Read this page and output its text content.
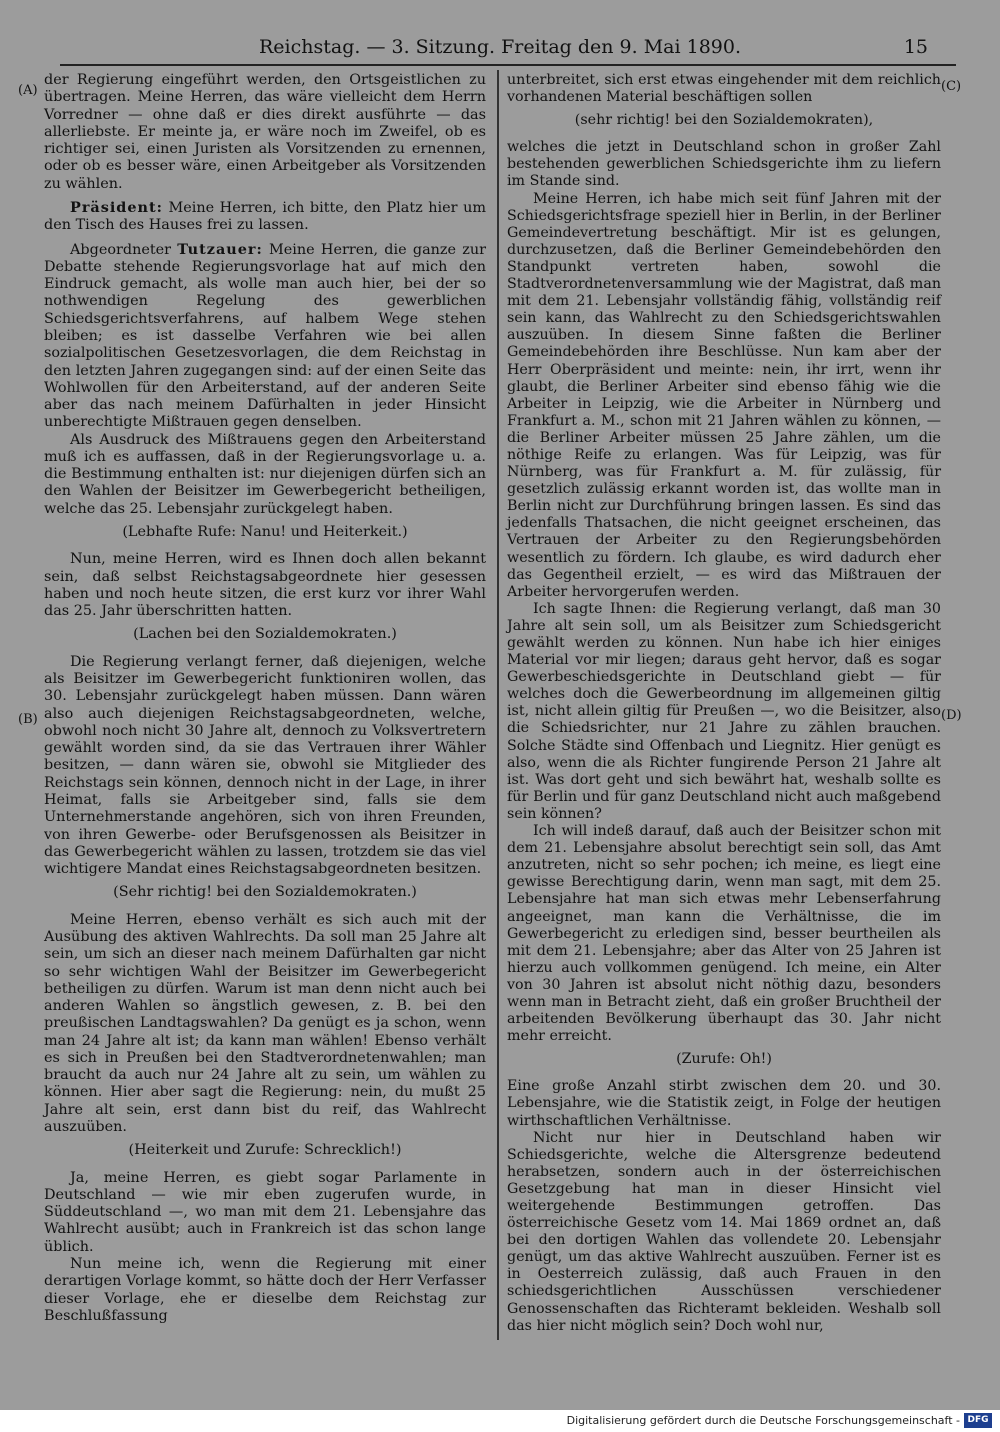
Reichstag. — 3. Sitzung. Freitag den 9. Mai 1890.	15
(A)
(B)
(C)
(D)

der Regierung eingeführt werden, den Ortsgeistlichen zu übertragen. Meine Herren, das wäre vielleicht dem Herrn Vorredner — ohne daß er dies direkt ausführte — das allerliebste. Er meinte ja, er wäre noch im Zweifel, ob es richtiger sei, einen Juristen als Vorsitzenden zu ernennen, oder ob es besser wäre, einen Arbeitgeber als Vorsitzenden zu wählen.

Präsident: Meine Herren, ich bitte, den Platz hier um den Tisch des Hauses frei zu lassen.

Abgeordneter Tutzauer: Meine Herren, die ganze zur Debatte stehende Regierungsvorlage hat auf mich den Eindruck gemacht, als wolle man auch hier, bei der so nothwendigen Regelung des gewerblichen Schiedsgerichtsverfahrens, auf halbem Wege stehen bleiben; es ist dasselbe Verfahren wie bei allen sozialpolitischen Gesetzesvorlagen, die dem Reichstag in den letzten Jahren zugegangen sind: auf der einen Seite das Wohlwollen für den Arbeiterstand, auf der anderen Seite aber das nach meinem Dafürhalten in jeder Hinsicht unberechtigte Mißtrauen gegen denselben.

Als Ausdruck des Mißtrauens gegen den Arbeiterstand muß ich es auffassen, daß in der Regierungsvorlage u. a. die Bestimmung enthalten ist: nur diejenigen dürfen sich an den Wahlen der Beisitzer im Gewerbegericht betheiligen, welche das 25. Lebensjahr zurückgelegt haben.

(Lebhafte Rufe: Nanu! und Heiterkeit.)

Nun, meine Herren, wird es Ihnen doch allen bekannt sein, daß selbst Reichstagsabgeordnete hier gesessen haben und noch heute sitzen, die erst kurz vor ihrer Wahl das 25. Jahr überschritten hatten.

(Lachen bei den Sozialdemokraten.)

Die Regierung verlangt ferner, daß diejenigen, welche als Beisitzer im Gewerbegericht funktioniren wollen, das 30. Lebensjahr zurückgelegt haben müssen. Dann wären also auch diejenigen Reichstagsabgeordneten, welche, obwohl noch nicht 30 Jahre alt, dennoch zu Volksvertretern gewählt worden sind, da sie das Vertrauen ihrer Wähler besitzen, — dann wären sie, obwohl sie Mitglieder des Reichstags sein können, dennoch nicht in der Lage, in ihrer Heimat, falls sie Arbeitgeber sind, falls sie dem Unternehmerstande angehören, sich von ihren Freunden, von ihren Gewerbe- oder Berufsgenossen als Beisitzer in das Gewerbegericht wählen zu lassen, trotzdem sie das viel wichtigere Mandat eines Reichstagsabgeordneten besitzen.

(Sehr richtig! bei den Sozialdemokraten.)

Meine Herren, ebenso verhält es sich auch mit der Ausübung des aktiven Wahlrechts. Da soll man 25 Jahre alt sein, um sich an dieser nach meinem Dafürhalten gar nicht so sehr wichtigen Wahl der Beisitzer im Gewerbegericht betheiligen zu dürfen. Warum ist man denn nicht auch bei anderen Wahlen so ängstlich gewesen, z. B. bei den preußischen Landtagswahlen? Da genügt es ja schon, wenn man 24 Jahre alt ist; da kann man wählen! Ebenso verhält es sich in Preußen bei den Stadtverordnetenwahlen; man braucht da auch nur 24 Jahre alt zu sein, um wählen zu können. Hier aber sagt die Regierung: nein, du mußt 25 Jahre alt sein, erst dann bist du reif, das Wahlrecht auszuüben.

(Heiterkeit und Zurufe: Schrecklich!)

Ja, meine Herren, es giebt sogar Parlamente in Deutschland — wie mir eben zugerufen wurde, in Süddeutschland —, wo man mit dem 21. Lebensjahre das Wahlrecht ausübt; auch in Frankreich ist das schon lange üblich.

Nun meine ich, wenn die Regierung mit einer derartigen Vorlage kommt, so hätte doch der Herr Verfasser dieser Vorlage, ehe er dieselbe dem Reichstag zur Beschlußfassung

unterbreitet, sich erst etwas eingehender mit dem reichlich vorhandenen Material beschäftigen sollen

(sehr richtig! bei den Sozialdemokraten),

welches die jetzt in Deutschland schon in großer Zahl bestehenden gewerblichen Schiedsgerichte ihm zu liefern im Stande sind.

Meine Herren, ich habe mich seit fünf Jahren mit der Schiedsgerichtsfrage speziell hier in Berlin, in der Berliner Gemeindevertretung beschäftigt. Mir ist es gelungen, durchzusetzen, daß die Berliner Gemeindebehörden den Standpunkt vertreten haben, sowohl die Stadtverordnetenversammlung wie der Magistrat, daß man mit dem 21. Lebensjahr vollständig fähig, vollständig reif sein kann, das Wahlrecht zu den Schiedsgerichtswahlen auszuüben. In diesem Sinne faßten die Berliner Gemeindebehörden ihre Beschlüsse. Nun kam aber der Herr Oberpräsident und meinte: nein, ihr irrt, wenn ihr glaubt, die Berliner Arbeiter sind ebenso fähig wie die Arbeiter in Leipzig, wie die Arbeiter in Nürnberg und Frankfurt a. M., schon mit 21 Jahren wählen zu können, — die Berliner Arbeiter müssen 25 Jahre zählen, um die nöthige Reife zu erlangen. Was für Leipzig, was für Nürnberg, was für Frankfurt a. M. für zulässig, für gesetzlich zulässig erkannt worden ist, das wollte man in Berlin nicht zur Durchführung bringen lassen. Es sind das jedenfalls Thatsachen, die nicht geeignet erscheinen, das Vertrauen der Arbeiter zu den Regierungsbehörden wesentlich zu fördern. Ich glaube, es wird dadurch eher das Gegentheil erzielt, — es wird das Mißtrauen der Arbeiter hervorgerufen werden.

Ich sagte Ihnen: die Regierung verlangt, daß man 30 Jahre alt sein soll, um als Beisitzer zum Schiedsgericht gewählt werden zu können. Nun habe ich hier einiges Material vor mir liegen; daraus geht hervor, daß es sogar Gewerbeschiedsgerichte in Deutschland giebt — für welches doch die Gewerbeordnung im allgemeinen giltig ist, nicht allein giltig für Preußen —, wo die Beisitzer, also die Schiedsrichter, nur 21 Jahre zu zählen brauchen. Solche Städte sind Offenbach und Liegnitz. Hier genügt es also, wenn die als Richter fungirende Person 21 Jahre alt ist. Was dort geht und sich bewährt hat, weshalb sollte es für Berlin und für ganz Deutschland nicht auch maßgebend sein können?

Ich will indeß darauf, daß auch der Beisitzer schon mit dem 21. Lebensjahre absolut berechtigt sein soll, das Amt anzutreten, nicht so sehr pochen; ich meine, es liegt eine gewisse Berechtigung darin, wenn man sagt, mit dem 25. Lebensjahre hat man sich etwas mehr Lebenserfahrung angeeignet, man kann die Verhältnisse, die im Gewerbegericht zu erledigen sind, besser beurtheilen als mit dem 21. Lebensjahre; aber das Alter von 25 Jahren ist hierzu auch vollkommen genügend. Ich meine, ein Alter von 30 Jahren ist absolut nicht nöthig dazu, besonders wenn man in Betracht zieht, daß ein großer Bruchtheil der arbeitenden Bevölkerung überhaupt das 30. Jahr nicht mehr erreicht.

(Zurufe: Oh!)

Eine große Anzahl stirbt zwischen dem 20. und 30. Lebensjahre, wie die Statistik zeigt, in Folge der heutigen wirthschaftlichen Verhältnisse.

Nicht nur hier in Deutschland haben wir Schiedsgerichte, welche die Altersgrenze bedeutend herabsetzen, sondern auch in der österreichischen Gesetzgebung hat man in dieser Hinsicht viel weitergehende Bestimmungen getroffen. Das österreichische Gesetz vom 14. Mai 1869 ordnet an, daß bei den dortigen Wahlen das vollendete 20. Lebensjahr genügt, um das aktive Wahlrecht auszuüben. Ferner ist es in Oesterreich zulässig, daß auch Frauen in den schiedsgerichtlichen Ausschüssen verschiedener Genossenschaften das Richteramt bekleiden. Weshalb soll das hier nicht möglich sein? Doch wohl nur,

Digitalisierung gefördert durch die Deutsche Forschungsgemeinschaft - DFG
